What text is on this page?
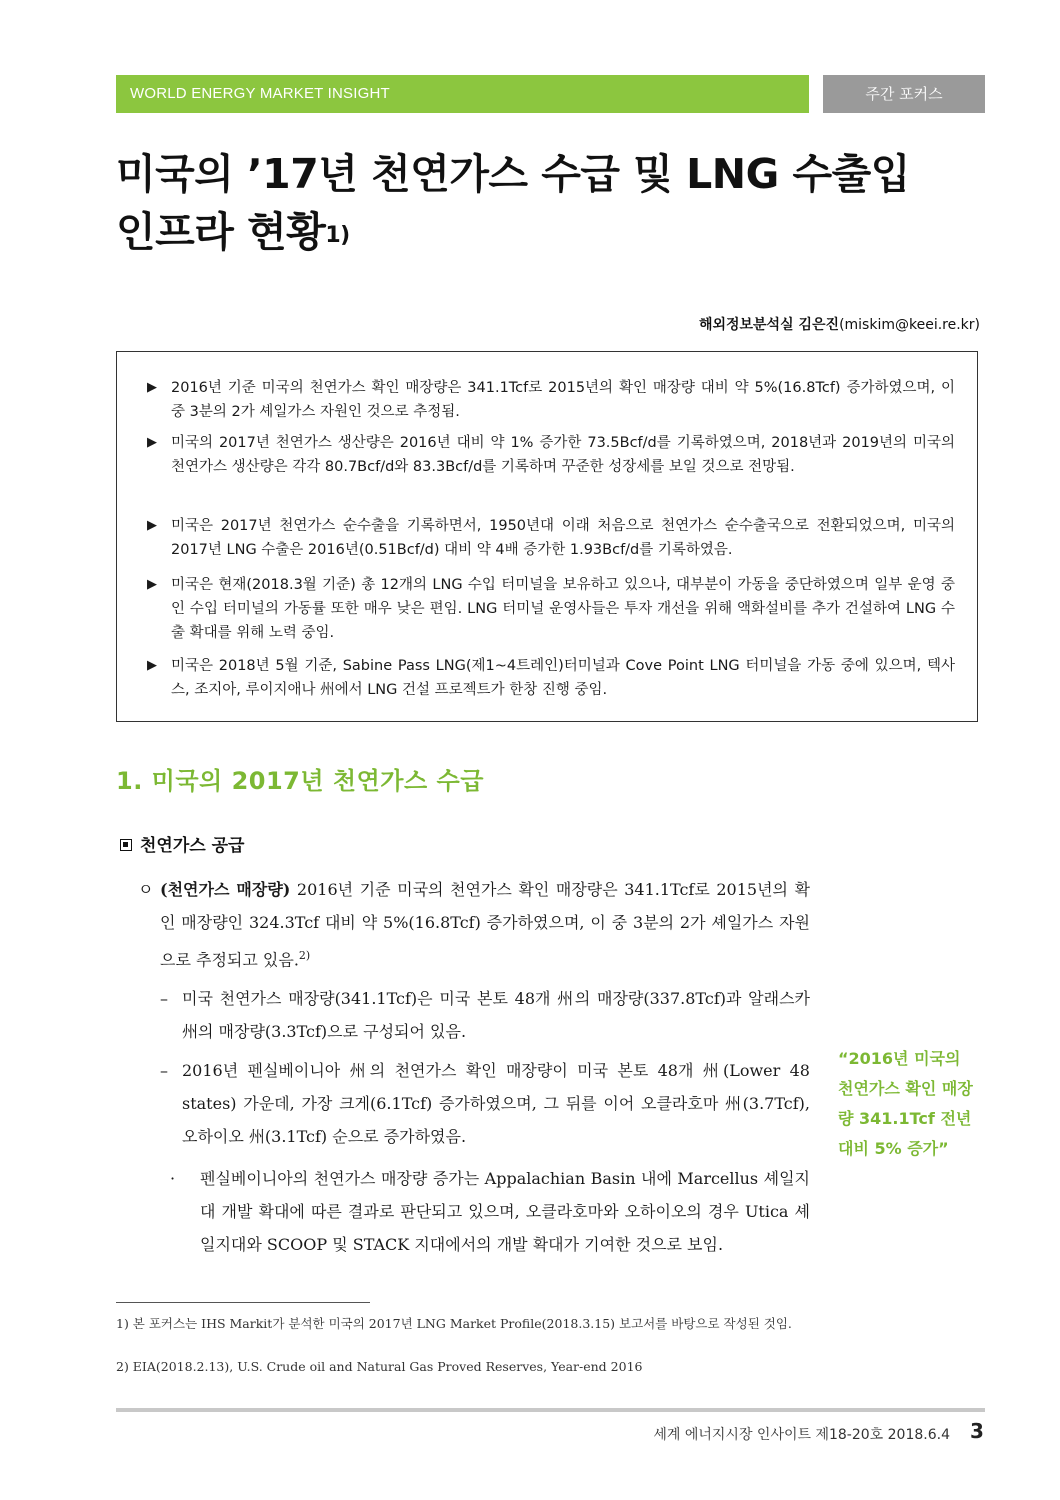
WORLD ENERGY MARKET INSIGHT	주간 포커스
미국의 ’17년 천연가스 수급 및 LNG 수출입
인프라 현황$^{1)}$
해외정보분석실 김은진(miskim@keei.re.kr)
▶ 2016년 기준 미국의 천연가스 확인 매장량은 341.1Tcf로 2015년의 확인 매장량 대비 약 5%(16.8Tcf) 증가하였으며, 이 중 3분의 2가 셰일가스 자원인 것으로 추정됨.
▶ 미국의 2017년 천연가스 생산량은 2016년 대비 약 1% 증가한 73.5Bcf/d를 기록하였으며, 2018년과 2019년의 미국의 천연가스 생산량은 각각 80.7Bcf/d와 83.3Bcf/d를 기록하며 꾸준한 성장세를 보일 것으로 전망됨.
▶ 미국은 2017년 천연가스 순수출을 기록하면서, 1950년대 이래 처음으로 천연가스 순수출국으로 전환되었으며, 미국의 2017년 LNG 수출은 2016년(0.51Bcf/d) 대비 약 4배 증가한 1.93Bcf/d를 기록하였음.
▶ 미국은 현재(2018.3월 기준) 총 12개의 LNG 수입 터미널을 보유하고 있으나, 대부분이 가동을 중단하였으며 일부 운영 중인 수입 터미널의 가동률 또한 매우 낮은 편임. LNG 터미널 운영사들은 투자 개선을 위해 액화설비를 추가 건설하여 LNG 수출 확대를 위해 노력 중임.
▶ 미국은 2018년 5월 기준, Sabine Pass LNG(제1~4트레인)터미널과 Cove Point LNG 터미널을 가동 중에 있으며, 텍사스, 조지아, 루이지애나 州에서 LNG 건설 프로젝트가 한창 진행 중임.
1. 미국의 2017년 천연가스 수급
천연가스 공급
ㅇ (천연가스 매장량) 2016년 기준 미국의 천연가스 확인 매장량은 341.1Tcf로 2015년의 확인 매장량인 324.3Tcf 대비 약 5%(16.8Tcf) 증가하였으며, 이 중 3분의 2가 셰일가스 자원으로 추정되고 있음.$^{2)}$
– 미국 천연가스 매장량(341.1Tcf)은 미국 본토 48개 州의 매장량(337.8Tcf)과 알래스카 州의 매장량(3.3Tcf)으로 구성되어 있음.
– 2016년 펜실베이니아 州의 천연가스 확인 매장량이 미국 본토 48개 州(Lower 48 states) 가운데, 가장 크게(6.1Tcf) 증가하였으며, 그 뒤를 이어 오클라호마 州(3.7Tcf), 오하이오 州(3.1Tcf) 순으로 증가하였음.
·	펜실베이니아의 천연가스 매장량 증가는 Appalachian Basin 내에 Marcellus 셰일지대 개발 확대에 따른 결과로 판단되고 있으며, 오클라호마와 오하이오의 경우 Utica 셰일지대와 SCOOP 및 STACK 지대에서의 개발 확대가 기여한 것으로 보임.
“2016년 미국의 천연가스 확인 매장량 341.1Tcf 전년 대비 5% 증가”
1) 본 포커스는 IHS Markit가 분석한 미국의 2017년 LNG Market Profile(2018.3.15) 보고서를 바탕으로 작성된 것임.
2) EIA(2018.2.13), U.S. Crude oil and Natural Gas Proved Reserves, Year-end 2016
세계 에너지시장 인사이트 제18-20호 2018.6.4 3
